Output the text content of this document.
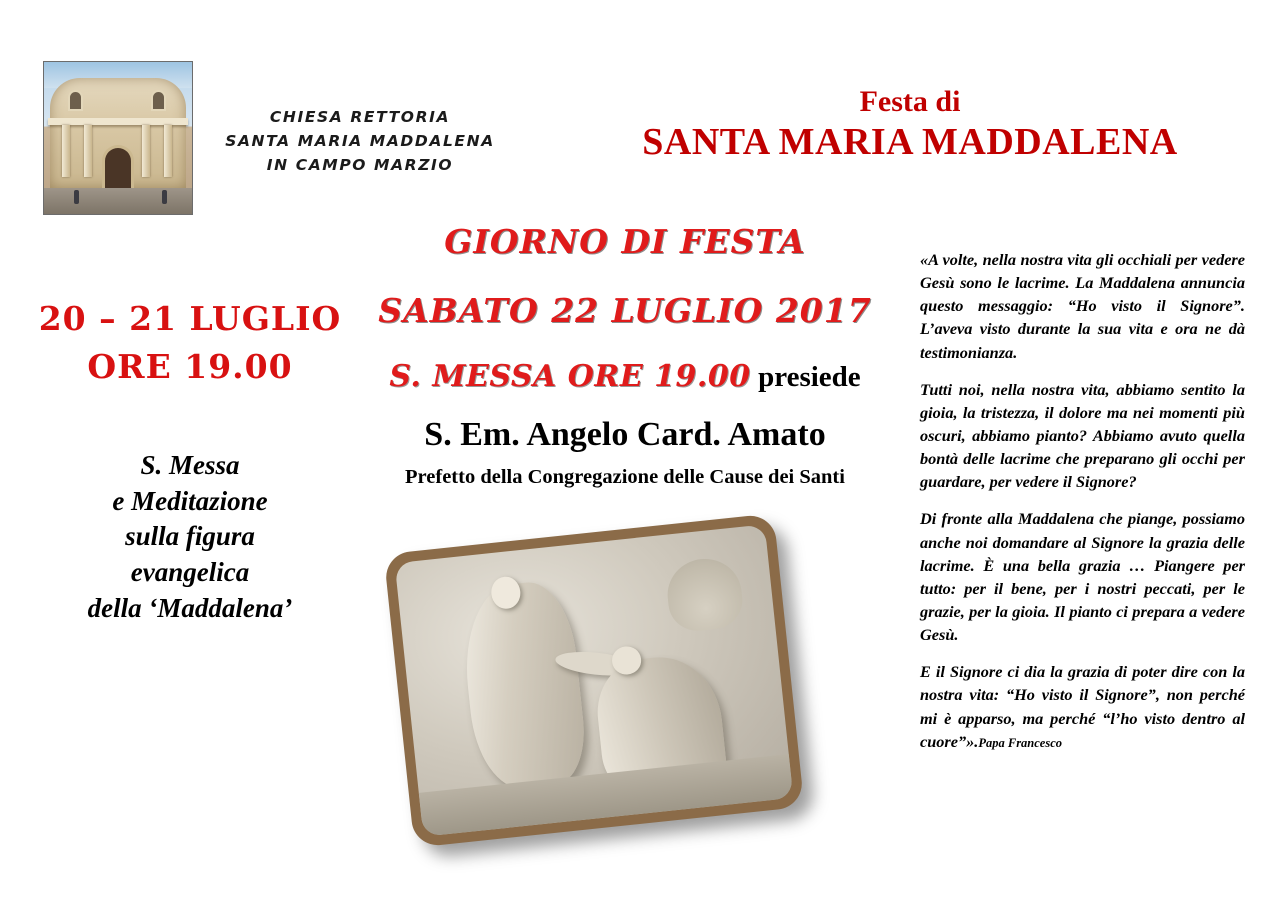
CHIESA RETTORIA
SANTA MARIA MADDALENA
IN CAMPO MARZIO
Festa di
SANTA MARIA MADDALENA
20 – 21 LUGLIO
ORE 19.00
S. Messa
e Meditazione
sulla figura
evangelica
della ‘Maddalena’
GIORNO DI FESTA
SABATO 22 LUGLIO 2017
S. MESSA ORE 19.00 presiede
S. Em. Angelo Card. Amato
Prefetto della Congregazione delle Cause dei Santi

«A volte, nella nostra vita gli occhiali per vedere Gesù sono le lacrime. La Maddalena annuncia questo messaggio: “Ho visto il Signore”. L’aveva visto durante la sua vita e ora ne dà testimonianza.

Tutti noi, nella nostra vita, abbiamo sentito la gioia, la tristezza, il dolore ma nei momenti più oscuri, abbiamo pianto? Abbiamo avuto quella bontà delle lacrime che preparano gli occhi per guardare, per vedere il Signore?

Di fronte alla Maddalena che piange, possiamo anche noi domandare al Signore la grazia delle lacrime. È una bella grazia … Piangere per tutto: per il bene, per i nostri peccati, per le grazie, per la gioia. Il pianto ci prepara a vedere Gesù.

E il Signore ci dia la grazia di poter dire con la nostra vita: “Ho visto il Signore”, non perché mi è apparso, ma perché “l’ho visto dentro al cuore”».Papa Francesco
